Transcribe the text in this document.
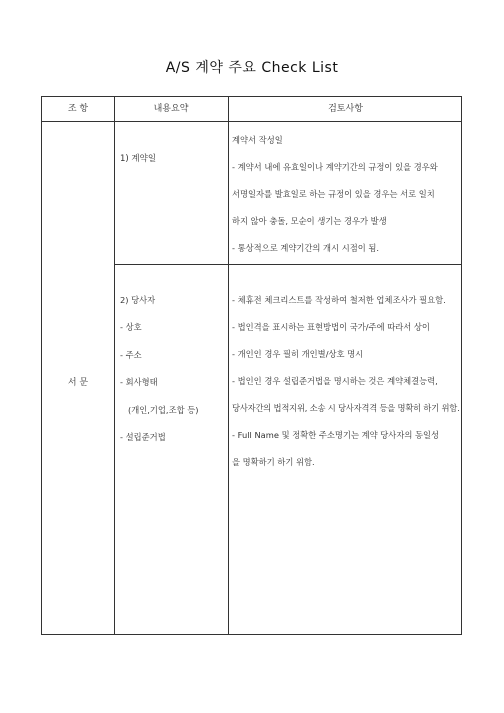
A/S 계약 주요 Check List
조 항	내용요약	검토사항
서 문
1) 계약일
계약서 작성일
- 계약서 내에 유효일이나 계약기간의 규정이 있을 경우와
서명일자를 발효일로 하는 규정이 있을 경우는 서로 일치
하지 않아 충돌, 모순이 생기는 경우가 발생
- 통상적으로 계약기간의 개시 시점이 됨.
2) 당사자
- 상호
- 주소
- 회사형태
(개인,기업,조합 등)
- 설립준거법
- 체휴전 체크리스트를 작성하여 철저한 업체조사가 필요함.
- 법인격을 표시하는 표현방법이 국가/주에 따라서 상이
- 개인인 경우 필히 개인별/상호 명시
- 법인인 경우 설립준거법을 명시하는 것은 계약체결능력,
당사자간의 법적지위, 소송 시 당사자격격 등을 명확히 하기 위함.
- Full Name 및 정확한 주소명기는 계약 당사자의 동일성
을 명확하기 하기 위함.
